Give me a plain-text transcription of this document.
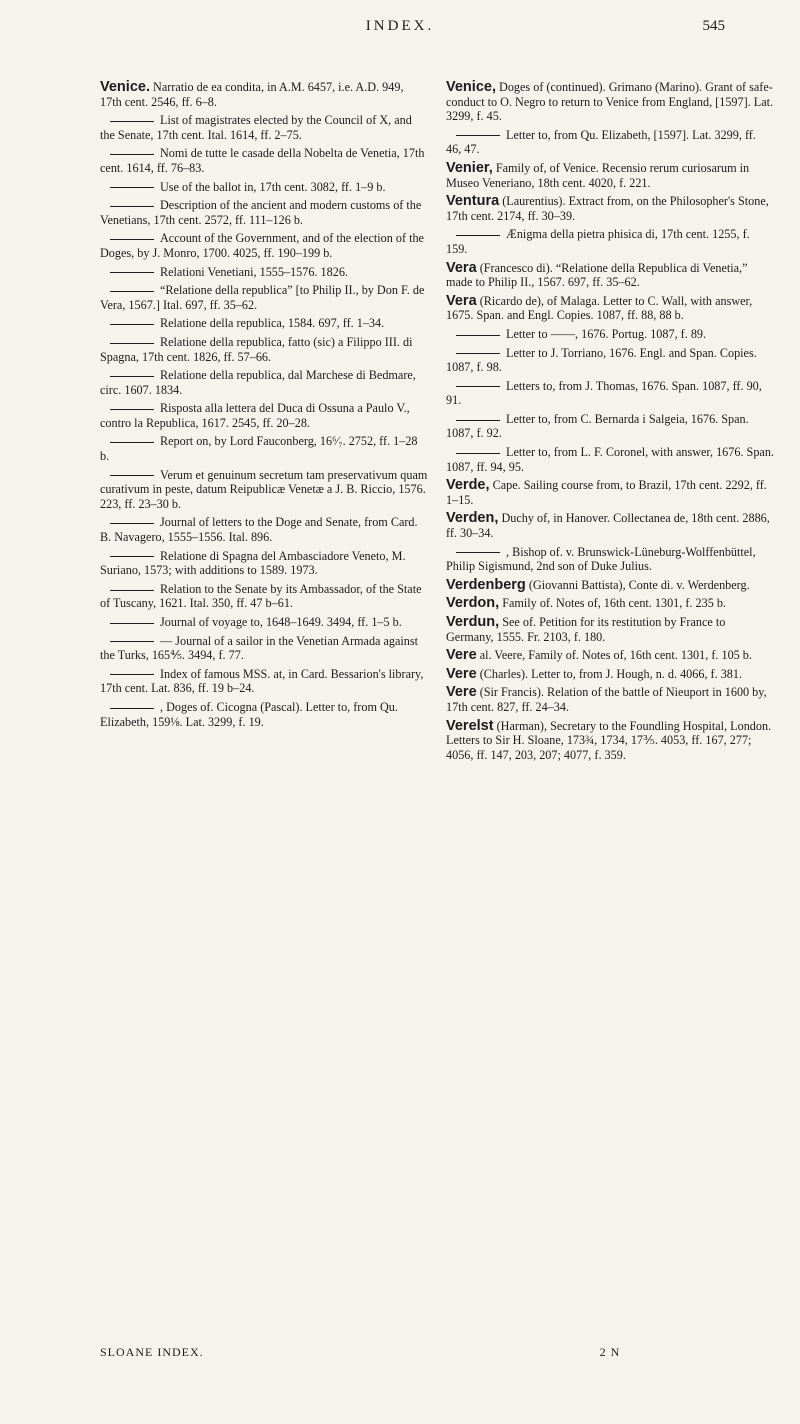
INDEX.	545
Venice. Narratio de ea condita, in A.M. 6457, i.e. A.D. 949, 17th cent. 2546, ff. 6–8.
List of magistrates elected by the Council of X, and the Senate, 17th cent. Ital. 1614, ff. 2–75.
Nomi de tutte le casade della Nobelta de Venetia, 17th cent. 1614, ff. 76–83.
Use of the ballot in, 17th cent. 3082, ff. 1–9 b.
Description of the ancient and modern customs of the Venetians, 17th cent. 2572, ff. 111–126 b.
Account of the Government, and of the election of the Doges, by J. Monro, 1700. 4025, ff. 190–199 b.
Relationi Venetiani, 1555–1576. 1826.
“Relatione della republica” [to Philip II., by Don F. de Vera, 1567.] Ital. 697, ff. 35–62.
Relatione della republica, 1584. 697, ff. 1–34.
Relatione della republica, fatto (sic) a Filippo III. di Spagna, 17th cent. 1826, ff. 57–66.
Relatione della republica, dal Marchese di Bedmare, circ. 1607. 1834.
Risposta alla lettera del Duca di Ossuna a Paulo V., contro la Republica, 1617. 2545, ff. 20–28.
Report on, by Lord Fauconberg, 16⁶⁄₇. 2752, ff. 1–28 b.
Verum et genuinum secretum tam preservativum quam curativum in peste, datum Reipublicæ Venetæ a J. B. Riccio, 1576. 223, ff. 23–30 b.
Journal of letters to the Doge and Senate, from Card. B. Navagero, 1555–1556. Ital. 896.
Relatione di Spagna del Ambasciadore Veneto, M. Suriano, 1573; with additions to 1589. 1973.
Relation to the Senate by its Ambassador, of the State of Tuscany, 1621. Ital. 350, ff. 47 b–61.
Journal of voyage to, 1648–1649. 3494, ff. 1–5 b.
— Journal of a sailor in the Venetian Armada against the Turks, 165⅘. 3494, f. 77.
Index of famous MSS. at, in Card. Bessarion's library, 17th cent. Lat. 836, ff. 19 b–24.
, Doges of. Cicogna (Pascal). Letter to, from Qu. Elizabeth, 159⅛. Lat. 3299, f. 19.
Venice, Doges of (continued). Grimano (Marino). Grant of safe-conduct to O. Negro to return to Venice from England, [1597]. Lat. 3299, f. 45.
Letter to, from Qu. Elizabeth, [1597]. Lat. 3299, ff. 46, 47.
Venier, Family of, of Venice. Recensio rerum curiosarum in Museo Veneriano, 18th cent. 4020, f. 221.
Ventura (Laurentius). Extract from, on the Philosopher's Stone, 17th cent. 2174, ff. 30–39.
Ænigma della pietra phisica di, 17th cent. 1255, f. 159.
Vera (Francesco di). “Relatione della Republica di Venetia,” made to Philip II., 1567. 697, ff. 35–62.
Vera (Ricardo de), of Malaga. Letter to C. Wall, with answer, 1675. Span. and Engl. Copies. 1087, ff. 88, 88 b.
Letter to ——, 1676. Portug. 1087, f. 89.
Letter to J. Torriano, 1676. Engl. and Span. Copies. 1087, f. 98.
Letters to, from J. Thomas, 1676. Span. 1087, ff. 90, 91.
Letter to, from C. Bernarda i Salgeia, 1676. Span. 1087, f. 92.
Letter to, from L. F. Coronel, with answer, 1676. Span. 1087, ff. 94, 95.
Verde, Cape. Sailing course from, to Brazil, 17th cent. 2292, ff. 1–15.
Verden, Duchy of, in Hanover. Collectanea de, 18th cent. 2886, ff. 30–34.
, Bishop of. v. Brunswick-Lüneburg-Wolffenbüttel, Philip Sigismund, 2nd son of Duke Julius.
Verdenberg (Giovanni Battista), Conte di. v. Werdenberg.
Verdon, Family of. Notes of, 16th cent. 1301, f. 235 b.
Verdun, See of. Petition for its restitution by France to Germany, 1555. Fr. 2103, f. 180.
Vere al. Veere, Family of. Notes of, 16th cent. 1301, f. 105 b.
Vere (Charles). Letter to, from J. Hough, n. d. 4066, f. 381.
Vere (Sir Francis). Relation of the battle of Nieuport in 1600 by, 17th cent. 827, ff. 24–34.
Verelst (Harman), Secretary to the Foundling Hospital, London. Letters to Sir H. Sloane, 173¾, 1734, 17⅗. 4053, ff. 167, 277; 4056, ff. 147, 203, 207; 4077, f. 359.
SLOANE INDEX.	2 N
